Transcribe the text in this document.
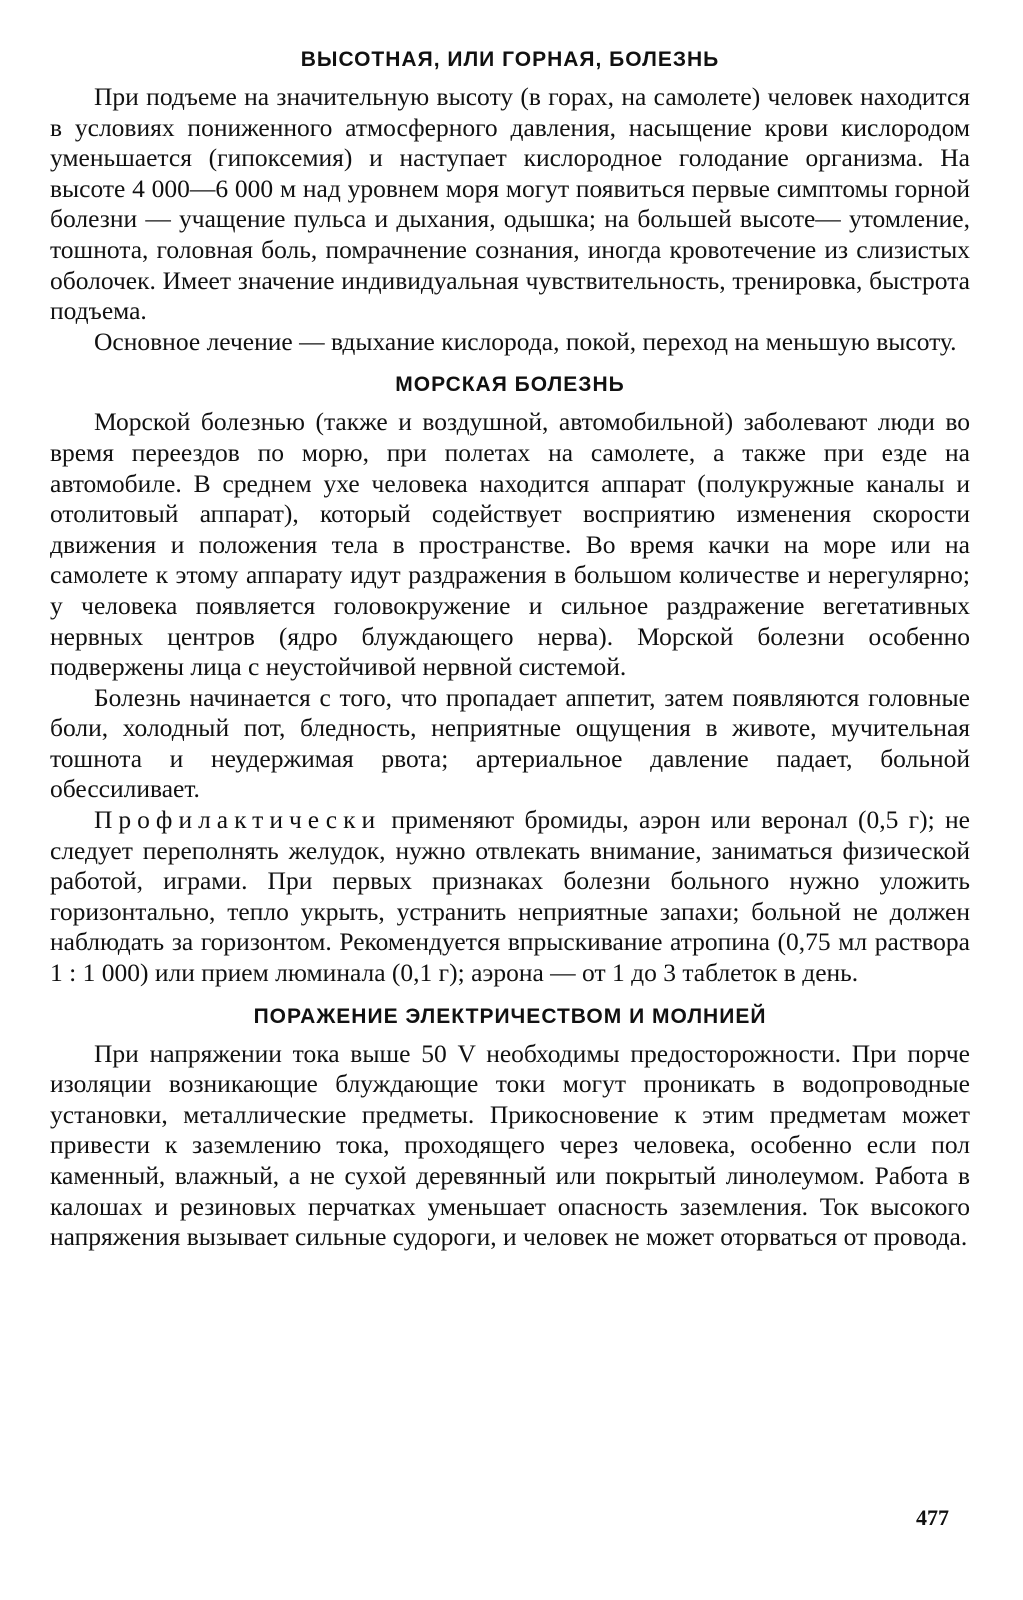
ВЫСОТНАЯ, ИЛИ ГОРНАЯ, БОЛЕЗНЬ

При подъеме на значительную высоту (в горах, на самолете) человек находится в условиях пониженного атмосферного давления, насыщение крови кислородом уменьшается (гипоксемия) и наступает кислородное голодание организма. На высоте 4 000—6 000 м над уровнем моря могут появиться первые симптомы горной болезни — учащение пульса и дыхания, одышка; на большей высоте— утомление, тошнота, головная боль, помрачнение сознания, иногда кровотечение из слизистых оболочек. Имеет значение индивидуальная чувствительность, тренировка, быстрота подъема.

Основное лечение — вдыхание кислорода, покой, переход на меньшую высоту.

МОРСКАЯ БОЛЕЗНЬ

Морской болезнью (также и воздушной, автомобильной) заболевают люди во время переездов по морю, при полетах на самолете, а также при езде на автомобиле. В среднем ухе человека находится аппарат (полукружные каналы и отолитовый аппарат), который содействует восприятию изменения скорости движения и положения тела в пространстве. Во время качки на море или на самолете к этому аппарату идут раздражения в большом количестве и нерегулярно; у человека появляется головокружение и сильное раздражение вегетативных нервных центров (ядро блуждающего нерва). Морской болезни особенно подвержены лица с неустойчивой нервной системой.

Болезнь начинается с того, что пропадает аппетит, затем появляются головные боли, холодный пот, бледность, неприятные ощущения в животе, мучительная тошнота и неудержимая рвота; артериальное давление падает, больной обессиливает.

Профилактически применяют бромиды, аэрон или веронал (0,5 г); не следует переполнять желудок, нужно отвлекать внимание, заниматься физической работой, играми. При первых признаках болезни больного нужно уложить горизонтально, тепло укрыть, устранить неприятные запахи; больной не должен наблюдать за горизонтом. Рекомендуется впрыскивание атропина (0,75 мл раствора 1 : 1 000) или прием люминала (0,1 г); аэрона — от 1 до 3 таблеток в день.

ПОРАЖЕНИЕ ЭЛЕКТРИЧЕСТВОМ И МОЛНИЕЙ

При напряжении тока выше 50 V необходимы предосторожности. При порче изоляции возникающие блуждающие токи могут проникать в водопроводные установки, металлические предметы. Прикосновение к этим предметам может привести к заземлению тока, проходящего через человека, особенно если пол каменный, влажный, а не сухой деревянный или покрытый линолеумом. Работа в калошах и резиновых перчатках уменьшает опасность заземления. Ток высокого напряжения вызывает сильные судороги, и человек не может оторваться от провода.

477
